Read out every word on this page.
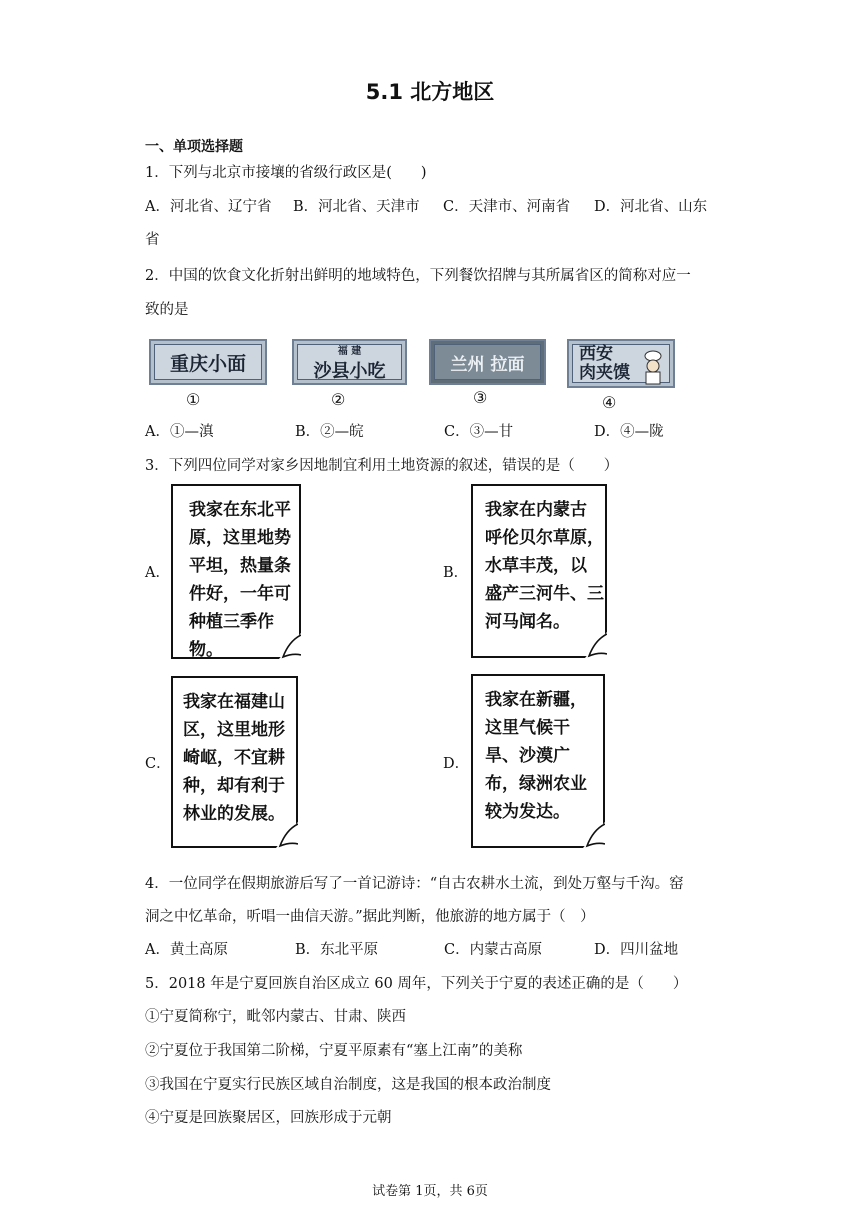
5.1 北方地区
一、单项选择题
1．下列与北京市接壤的省级行政区是(　　)
A．河北省、辽宁省 B．河北省、天津市 C．天津市、河南省 D．河北省、山东
省
2．中国的饮食文化折射出鲜明的地域特色，下列餐饮招牌与其所属省区的简称对应一
致的是
重庆小面
福 建
沙县小吃	兰州 拉面
西安
肉夹馍
①	②	③	④
A．①—滇	B．②—皖	C．③—甘	D．④—陇
3．下列四位同学对家乡因地制宜利用土地资源的叙述，错误的是（　　）
A．
我家在东北平
原，这里地势
平坦，热量条
件好，一年可
种植三季作
物。
B．
我家在内蒙古
呼伦贝尔草原，
水草丰茂，以
盛产三河牛、三
河马闻名。
C．
我家在福建山
区，这里地形
崎岖，不宜耕
种，却有利于
林业的发展。
D．
我家在新疆，
这里气候干
旱、沙漠广
布，绿洲农业
较为发达。
4．一位同学在假期旅游后写了一首记游诗：“自古农耕水土流，到处万壑与千沟。窑
洞之中忆革命，听唱一曲信天游。”据此判断，他旅游的地方属于（　）
A．黄土高原	B．东北平原	C．内蒙古高原	D．四川盆地
5．2018 年是宁夏回族自治区成立 60 周年，下列关于宁夏的表述正确的是（　　）
①宁夏简称宁，毗邻内蒙古、甘肃、陕西
②宁夏位于我国第二阶梯，宁夏平原素有“塞上江南”的美称
③我国在宁夏实行民族区域自治制度，这是我国的根本政治制度
④宁夏是回族聚居区，回族形成于元朝
试卷第 1页，共 6页
